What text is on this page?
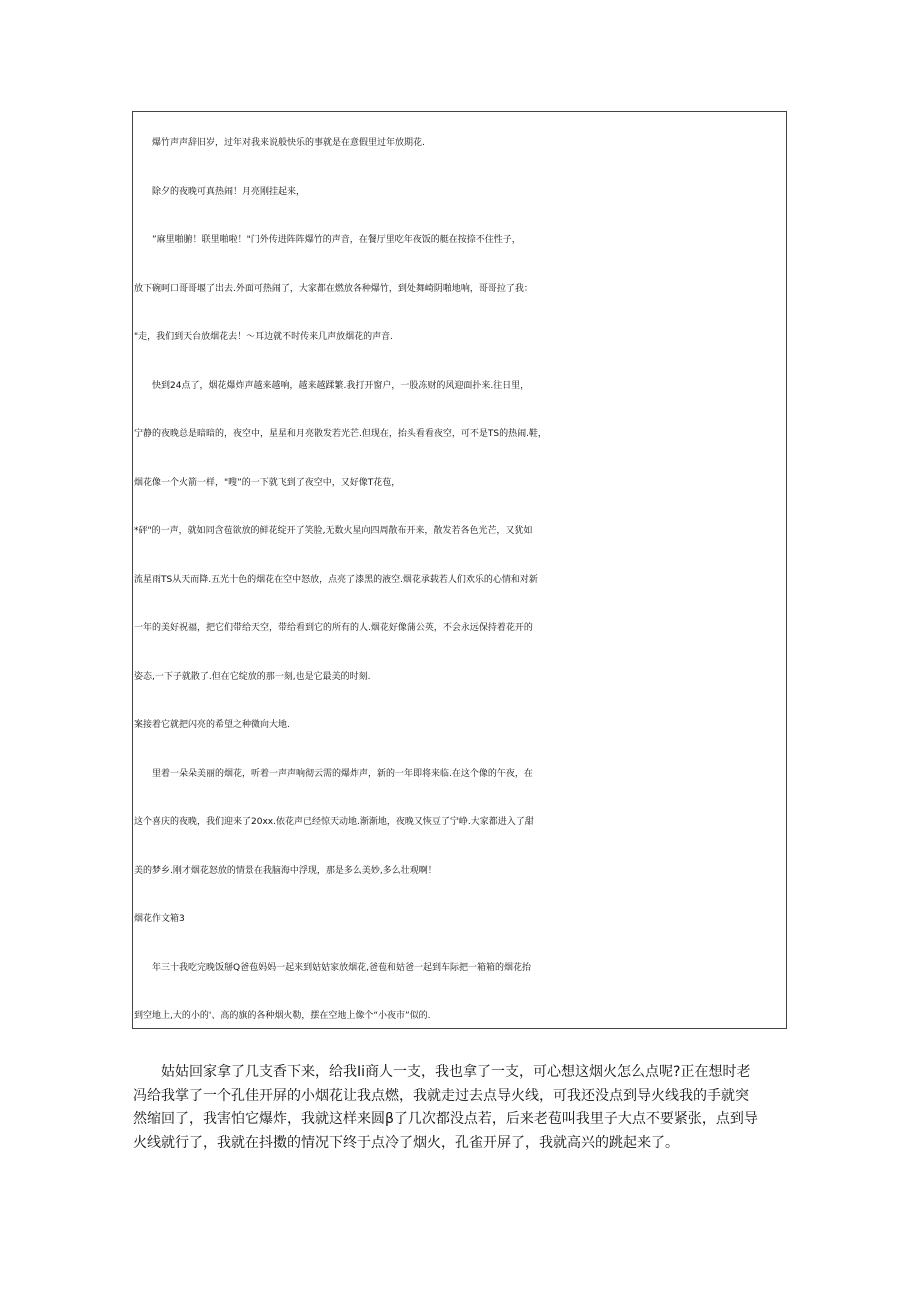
　　爆竹声声辞旧岁，过年对我来说般快乐的事就是在意假里过年放期花.
　　除夕的夜晚可真热闹！月亮刚挂起来，
　　”麻里啪腑！联里啪啦！"门外传进阵阵爆竹的声音，在餐厅里吃年夜饭的艇在按捺不住性子，
放下碗呵口哥哥堰了出去.外面可热闹了，大家都在燃放各种爆竹，到处舞崎阴啪地响，哥哥拉了我：
"走，我们到天台放烟花去！〜耳边就不时传来几声放烟花的声音.
　　快到24点了，烟花爆炸声越来越响，越来越蹂繁.我打开窗户，一股冻财的风迎面扑来.往日里，
宁静的夜晚总是暗暗的，夜空中，星星和月亮散发若光芒.但现在，抬头看看夜空，可不是TS的热闹.鞋，
烟花像一个火箭一样，"嗖”的一下就飞到了夜空中，又好像T花苞，
*砰"的一声，就如同含苞欲放的鲜花绽开了笑脸,无数火星向四周散布开来，散发若各色光芒，又犹如
流星雨TS从天而降.五光十色的烟花在空中怒放，点亮了漆黑的液空.烟花承载若人们欢乐的心情和对新
一年的美好祝福，把它们带给天空，带给看到它的所有的人.烟花好像蒲公英，不会永远保持着花开的
姿态,一下子就散了.但在它绽放的那一刻,也是它最美的时刻.
案接着它就把闪亮的希望之种微向大地.
　　里着一朵朵美丽的烟花，听着一声声响彻云需的爆炸声，新的一年即将来临.在这个像的午夜，在
这个喜庆的夜晚，我们迎来了20xx.依花声已经惊天动地.渐渐地，夜晚又恢豆了宁峥.大家都进入了甜
美的梦乡.刚才烟花怒放的情景在我脑海中浮现，那是多么美妙,多么壮观啊！
烟花作文箱3
　　年三十我吃完晚饭掰Q爸苞妈妈一起来到姑姑家放烟花,爸苞和姑爸一起到车际把一箱箱的烟花抬
到空地上,大的小的'、高的旗的各种烟火勒，摆在空地上像个“小夜市”似的.
　　姑姑回家拿了几支香下来，给我Ii商人一支，我也拿了一支，可心想这烟火怎么点呢?正在想时老
冯给我掌了一个孔佳开屏的小烟花让我点燃，我就走过去点导火线，可我还没点到导火线我的手就突
然缩回了，我害怕它爆炸，我就这样来圆β了几次都没点若，后来老苞叫我里子大点不要紧张，点到导
火线就行了，我就在抖擞的情况下终于点冷了烟火，孔雀开屏了，我就高兴的跳起来了。
